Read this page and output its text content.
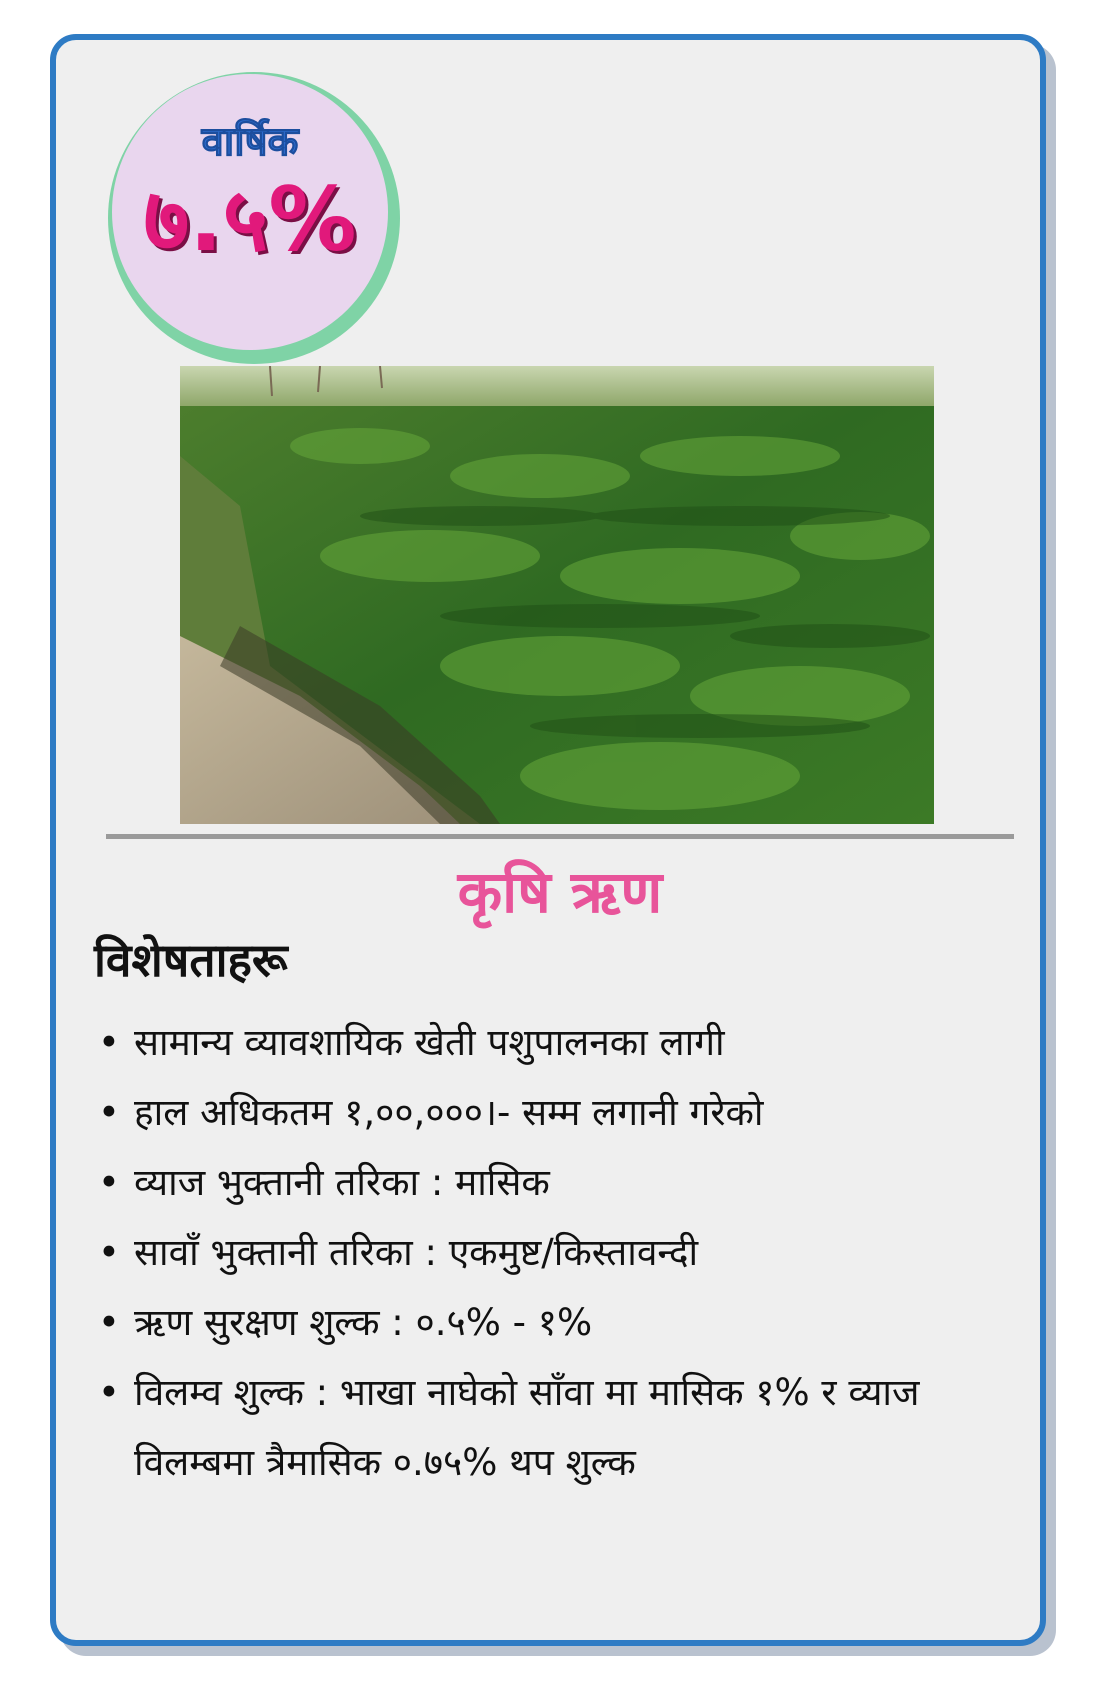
वार्षिक
७.५%
कृषि ऋण
विशेषताहरू
• सामान्य व्यावशायिक खेती पशुपालनका लागी
• हाल अधिकतम १,००,०००।- सम्म लगानी गरेको
• व्याज भुक्तानी तरिका : मासिक
• सावाँ भुक्तानी तरिका : एकमुष्ट/किस्तावन्दी
• ऋण सुरक्षण शुल्क : ०.५% - १%
• विलम्व शुल्क : भाखा नाघेको साँवा मा मासिक १% र व्याज विलम्बमा त्रैमासिक ०.७५% थप शुल्क
